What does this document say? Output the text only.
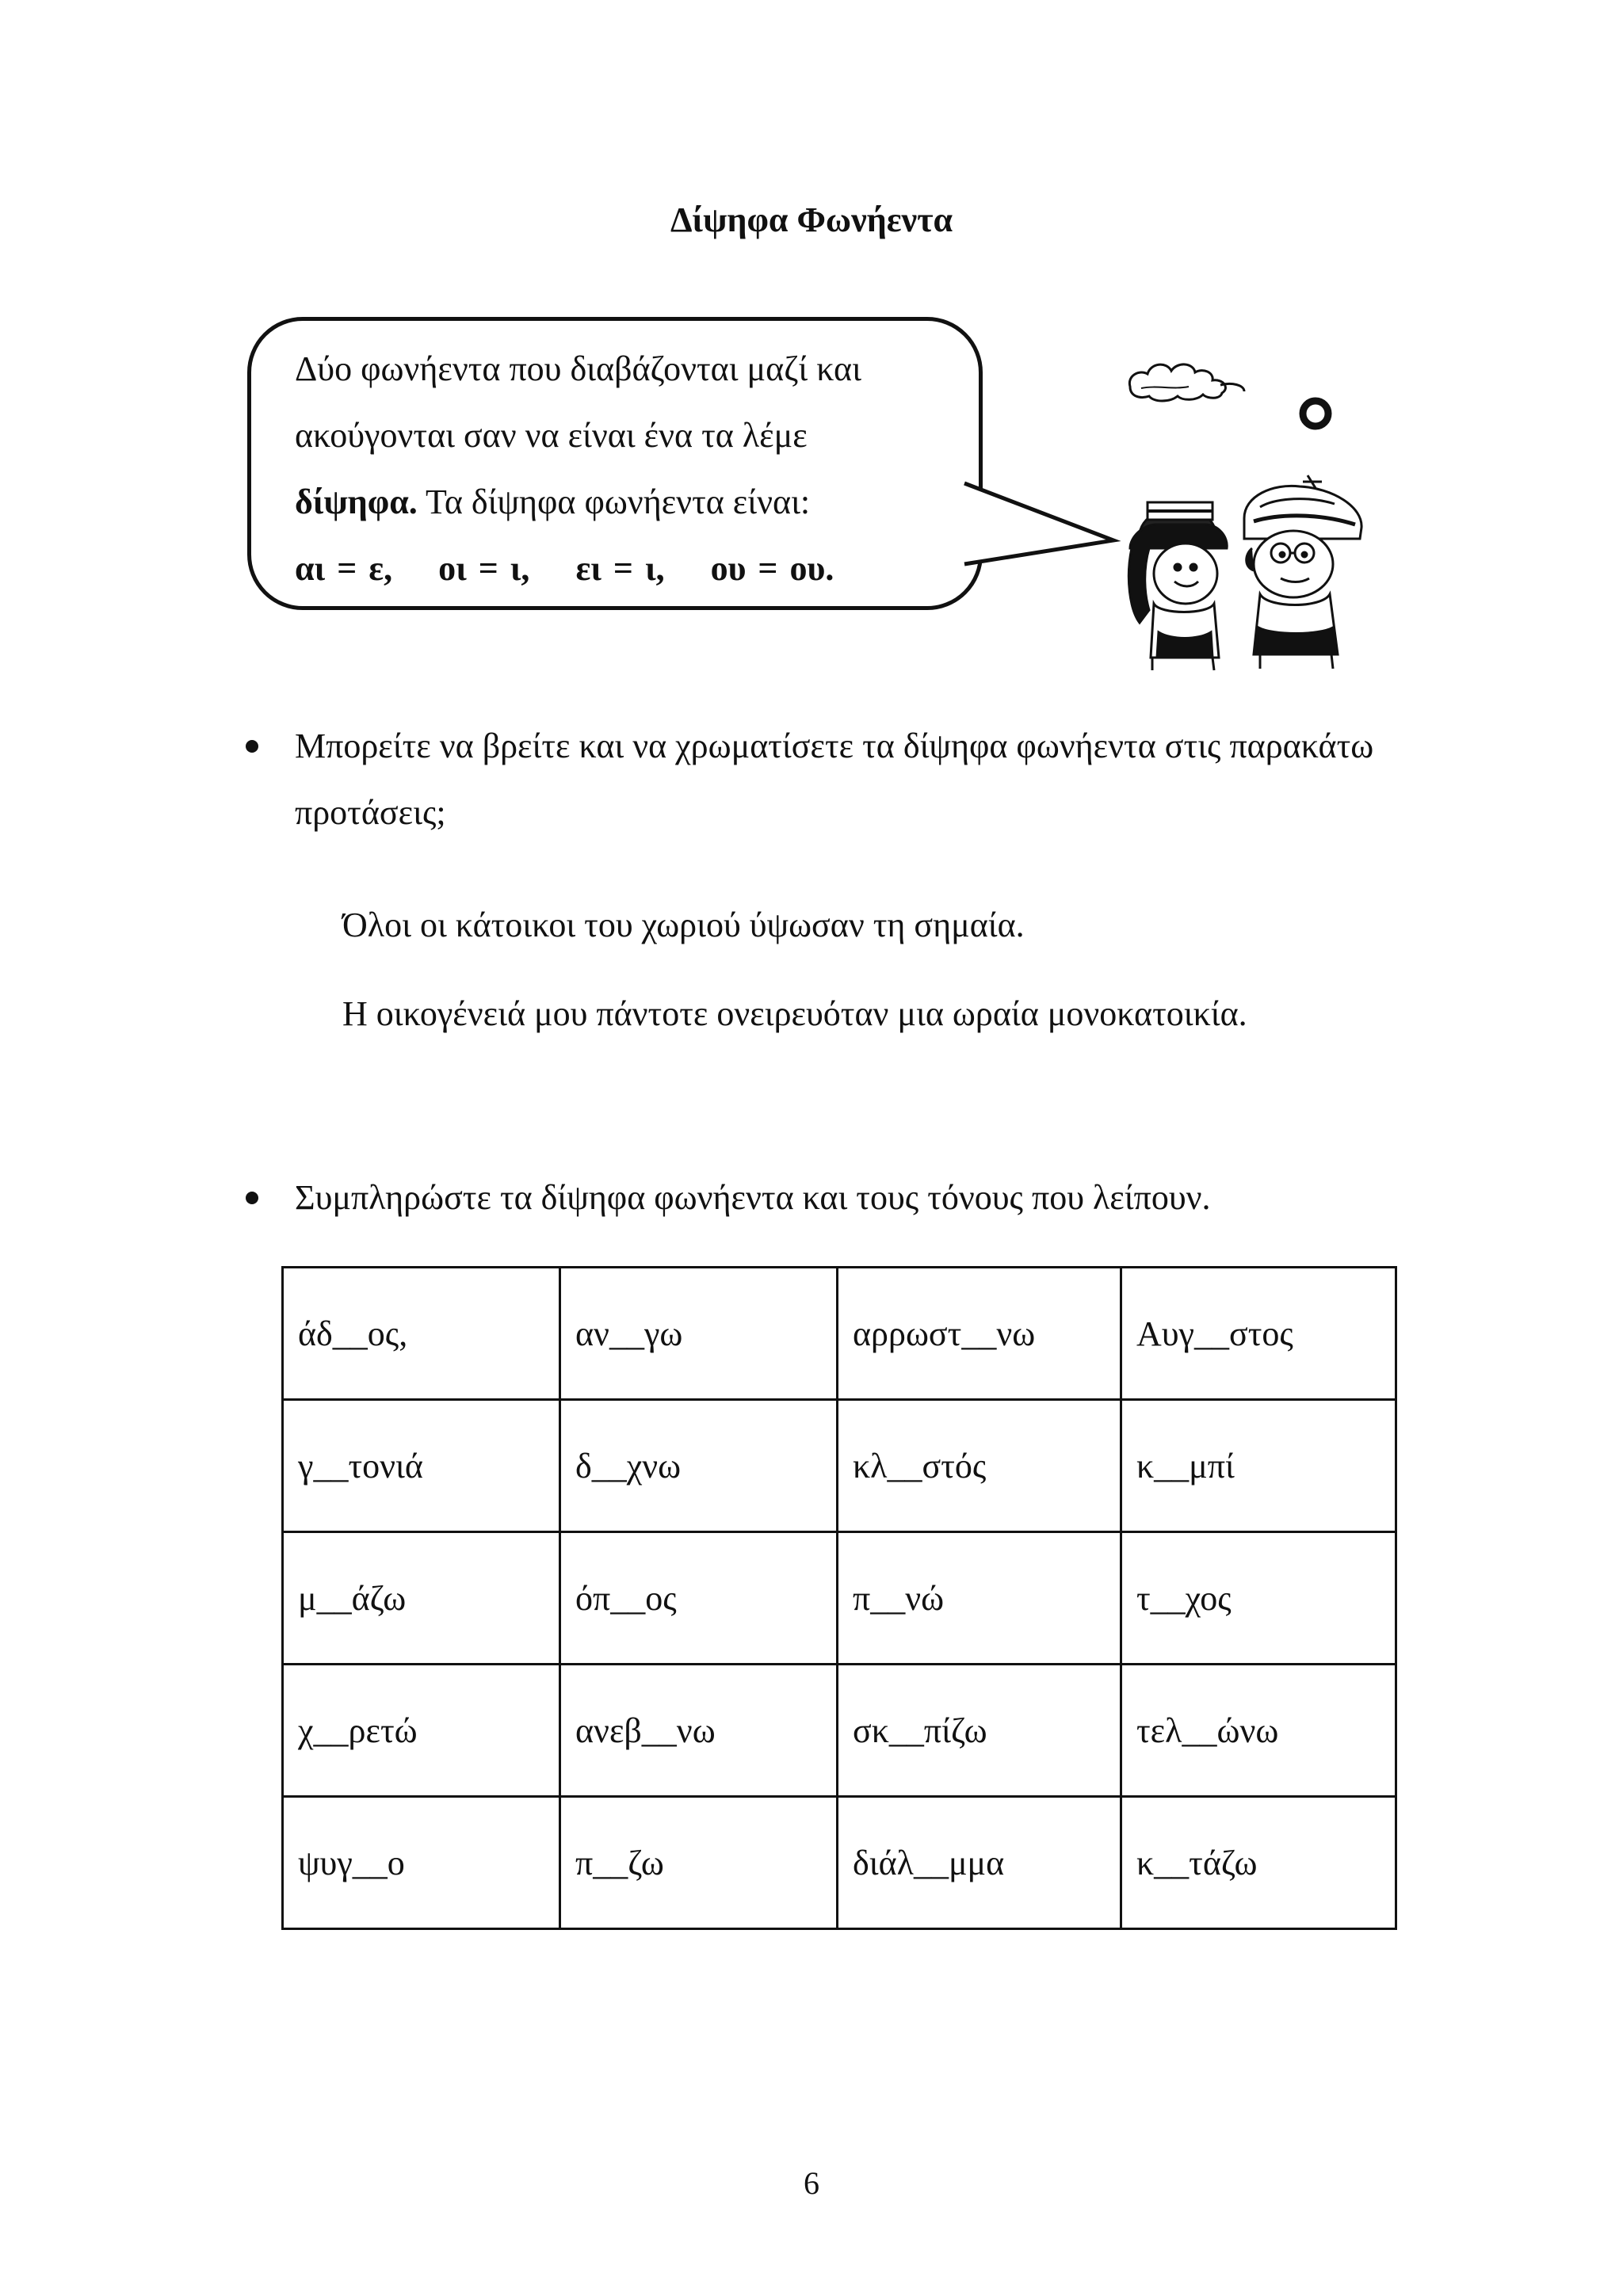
Δίψηφα Φωνήεντα
Δύο φωνήεντα που διαβάζονται μαζί και
ακούγονται σαν να είναι ένα τα λέμε
δίψηφα. Τα δίψηφα φωνήεντα είναι:
αι = ε, οι = ι, ει = ι, ου = ου.
Μπορείτε να βρείτε και να χρωματίσετε τα δίψηφα φωνήεντα στις παρακάτω προτάσεις;
Όλοι οι κάτοικοι του χωριού ύψωσαν τη σημαία.
Η οικογένειά μου πάντοτε ονειρευόταν μια ωραία μονοκατοικία.
Συμπληρώστε τα δίψηφα φωνήεντα και τους τόνους που λείπουν.
άδ__ος,	αν__γω	αρρωστ__νω	Αυγ__στος
γ__τονιά	δ__χνω	κλ__στός	κ__μπί
μ__άζω	όπ__ος	π__νώ	τ__χος
χ__ρετώ	ανεβ__νω	σκ__πίζω	τελ__ώνω
ψυγ__ο	π__ζω	διάλ__μμα	κ__τάζω
6
